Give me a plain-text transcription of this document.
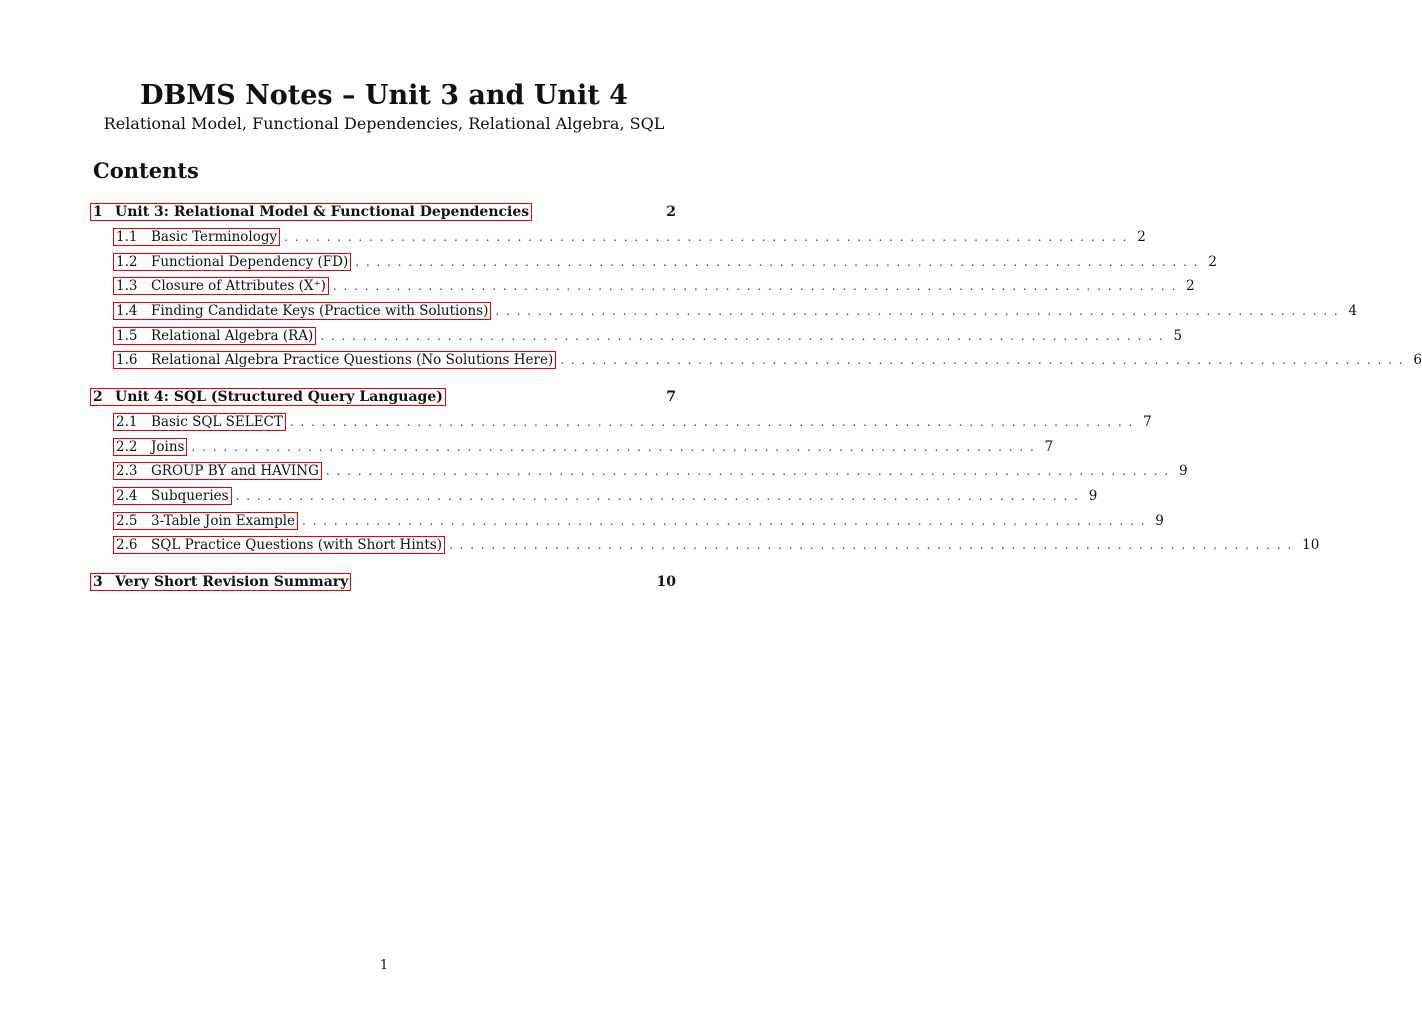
DBMS Notes – Unit 3 and Unit 4
Relational Model, Functional Dependencies, Relational Algebra, SQL
Contents
1 Unit 3: Relational Model & Functional Dependencies	2
1.1 Basic Terminology ................................................................................ 2
1.2 Functional Dependency (FD) ................................................................................ 2
1.3 Closure of Attributes (X⁺) ................................................................................ 2
1.4 Finding Candidate Keys (Practice with Solutions) ................................................................................ 4
1.5 Relational Algebra (RA) ................................................................................ 5
1.6 Relational Algebra Practice Questions (No Solutions Here) ................................................................................ 6
2 Unit 4: SQL (Structured Query Language)	7
2.1 Basic SQL SELECT ................................................................................ 7
2.2 Joins ................................................................................ 7
2.3 GROUP BY and HAVING ................................................................................ 9
2.4 Subqueries ................................................................................ 9
2.5 3-Table Join Example ................................................................................ 9
2.6 SQL Practice Questions (with Short Hints) ................................................................................ 10
3 Very Short Revision Summary	10
1
